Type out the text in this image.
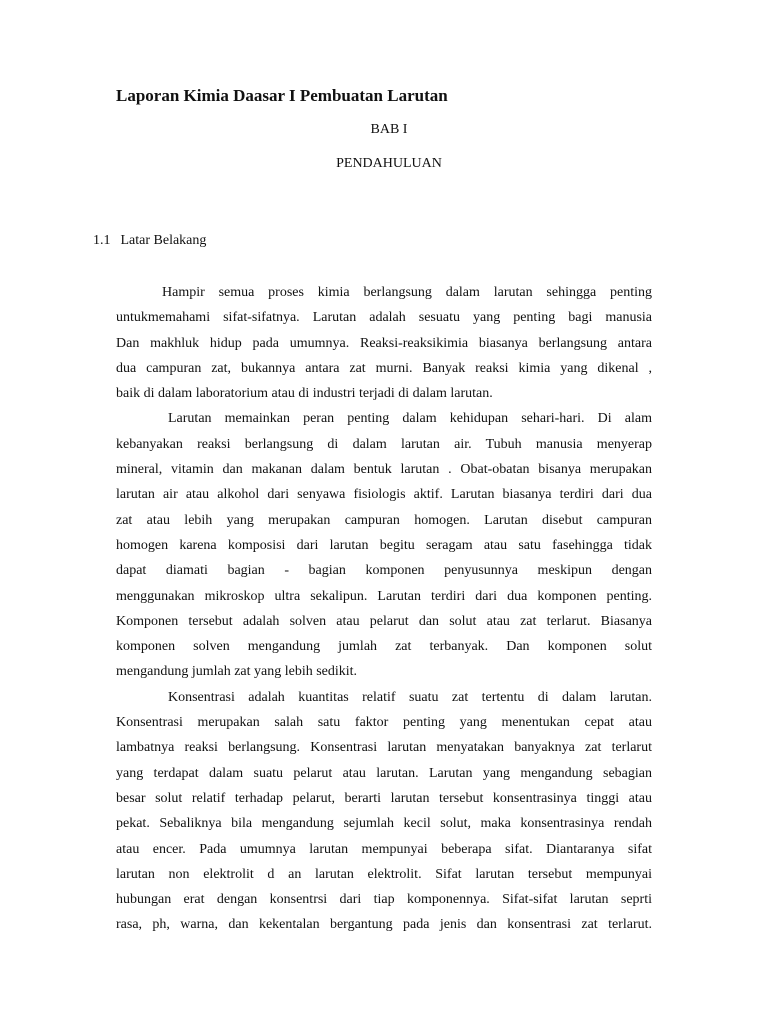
Laporan Kimia Daasar I Pembuatan Larutan
BAB I
PENDAHULUAN
1.1 Latar Belakang
Hampir semua proses kimia berlangsung dalam larutan sehingga penting
untukmemahami sifat-sifatnya. Larutan adalah sesuatu yang penting bagi manusia
Dan makhluk hidup pada umumnya. Reaksi-reaksikimia biasanya berlangsung antara
dua campuran zat, bukannya antara zat murni. Banyak reaksi kimia yang dikenal ,
baik di dalam laboratorium atau di industri terjadi di dalam larutan.
Larutan memainkan peran penting dalam kehidupan sehari-hari. Di alam
kebanyakan reaksi berlangsung di dalam larutan air. Tubuh manusia menyerap
mineral, vitamin dan makanan dalam bentuk larutan . Obat-obatan bisanya merupakan
larutan air atau alkohol dari senyawa fisiologis aktif. Larutan biasanya terdiri dari dua
zat atau lebih yang merupakan campuran homogen. Larutan disebut campuran
homogen karena komposisi dari larutan begitu seragam atau satu fasehingga tidak
dapat diamati bagian - bagian komponen penyusunnya meskipun dengan
menggunakan mikroskop ultra sekalipun. Larutan terdiri dari dua komponen penting.
Komponen tersebut adalah solven atau pelarut dan solut atau zat terlarut. Biasanya
komponen solven mengandung jumlah zat terbanyak. Dan komponen solut
mengandung jumlah zat yang lebih sedikit.
Konsentrasi adalah kuantitas relatif suatu zat tertentu di dalam larutan.
Konsentrasi merupakan salah satu faktor penting yang menentukan cepat atau
lambatnya reaksi berlangsung. Konsentrasi larutan menyatakan banyaknya zat terlarut
yang terdapat dalam suatu pelarut atau larutan. Larutan yang mengandung sebagian
besar solut relatif terhadap pelarut, berarti larutan tersebut konsentrasinya tinggi atau
pekat. Sebaliknya bila mengandung sejumlah kecil solut, maka konsentrasinya rendah
atau encer. Pada umumnya larutan mempunyai beberapa sifat. Diantaranya sifat
larutan non elektrolit d an larutan elektrolit. Sifat larutan tersebut mempunyai
hubungan erat dengan konsentrsi dari tiap komponennya. Sifat-sifat larutan seprti
rasa, ph, warna, dan kekentalan bergantung pada jenis dan konsentrasi zat terlarut.
